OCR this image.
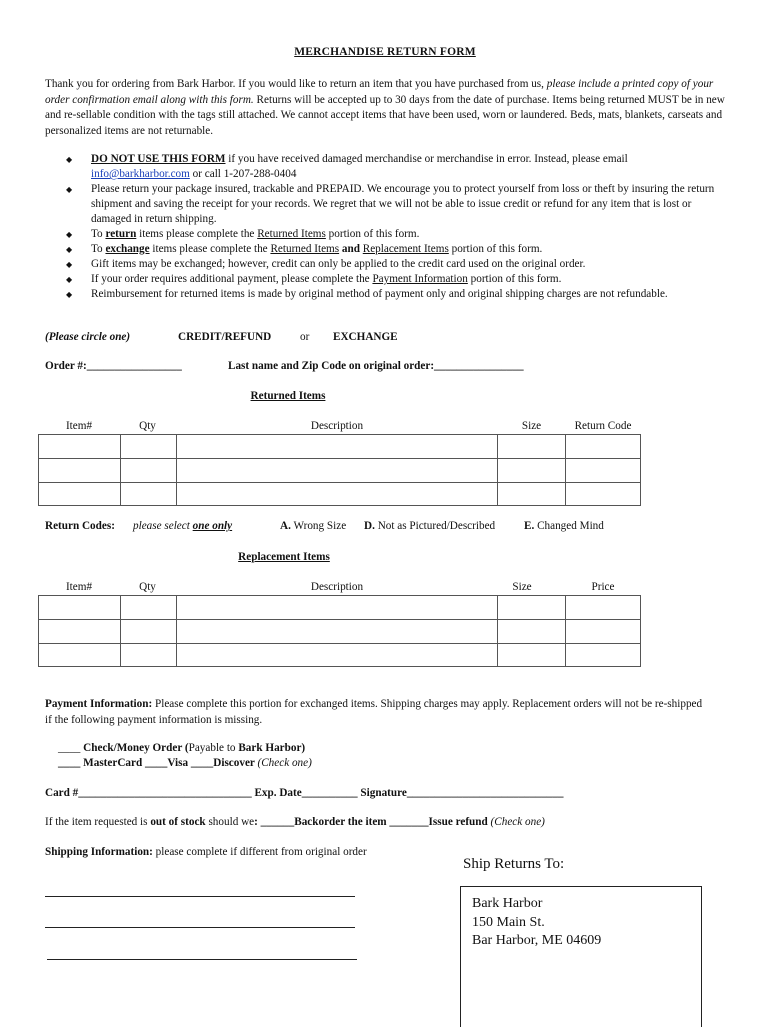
MERCHANDISE RETURN FORM
Thank you for ordering from Bark Harbor. If you would like to return an item that you have purchased from us, please include a printed copy of your order confirmation email along with this form. Returns will be accepted up to 30 days from the date of purchase. Items being returned MUST be in new and re-sellable condition with the tags still attached. We cannot accept items that have been used, worn or laundered. Beds, mats, blankets, carseats and personalized items are not returnable.
◆ DO NOT USE THIS FORM if you have received damaged merchandise or merchandise in error. Instead, please email
info@barkharbor.com or call 1-207-288-0404
◆ Please return your package insured, trackable and PREPAID. We encourage you to protect yourself from loss or theft by insuring the return shipment and saving the receipt for your records. We regret that we will not be able to issue credit or refund for any item that is lost or damaged in return shipping.
◆ To return items please complete the Returned Items portion of this form.
◆ To exchange items please complete the Returned Items and Replacement Items portion of this form.
◆ Gift items may be exchanged; however, credit can only be applied to the credit card used on the original order.
◆ If your order requires additional payment, please complete the Payment Information portion of this form.
◆ Reimbursement for returned items is made by original method of payment only and original shipping charges are not refundable.
(Please circle one)	CREDIT/REFUND	or EXCHANGE
Order #:_________________	Last name and Zip Code on original order:________________
Returned Items
Item#	Qty	Description	Size	Return Code

Return Codes: please select one only	A. Wrong Size D. Not as Pictured/Described	E. Changed Mind
Replacement Items
Item#	Qty	Description	Size	Price

Payment Information: Please complete this portion for exchanged items. Shipping charges may apply. Replacement orders will not be re-shipped if the following payment information is missing.
____ Check/Money Order (Payable to Bark Harbor)
____ MasterCard ____Visa ____Discover (Check one)
Card #_______________________________ Exp. Date__________ Signature____________________________
If the item requested is out of stock should we: ______Backorder the item _______Issue refund (Check one)
Shipping Information: please complete if different from original order
Ship Returns To:
Bark Harbor
150 Main St.
Bar Harbor, ME 04609
